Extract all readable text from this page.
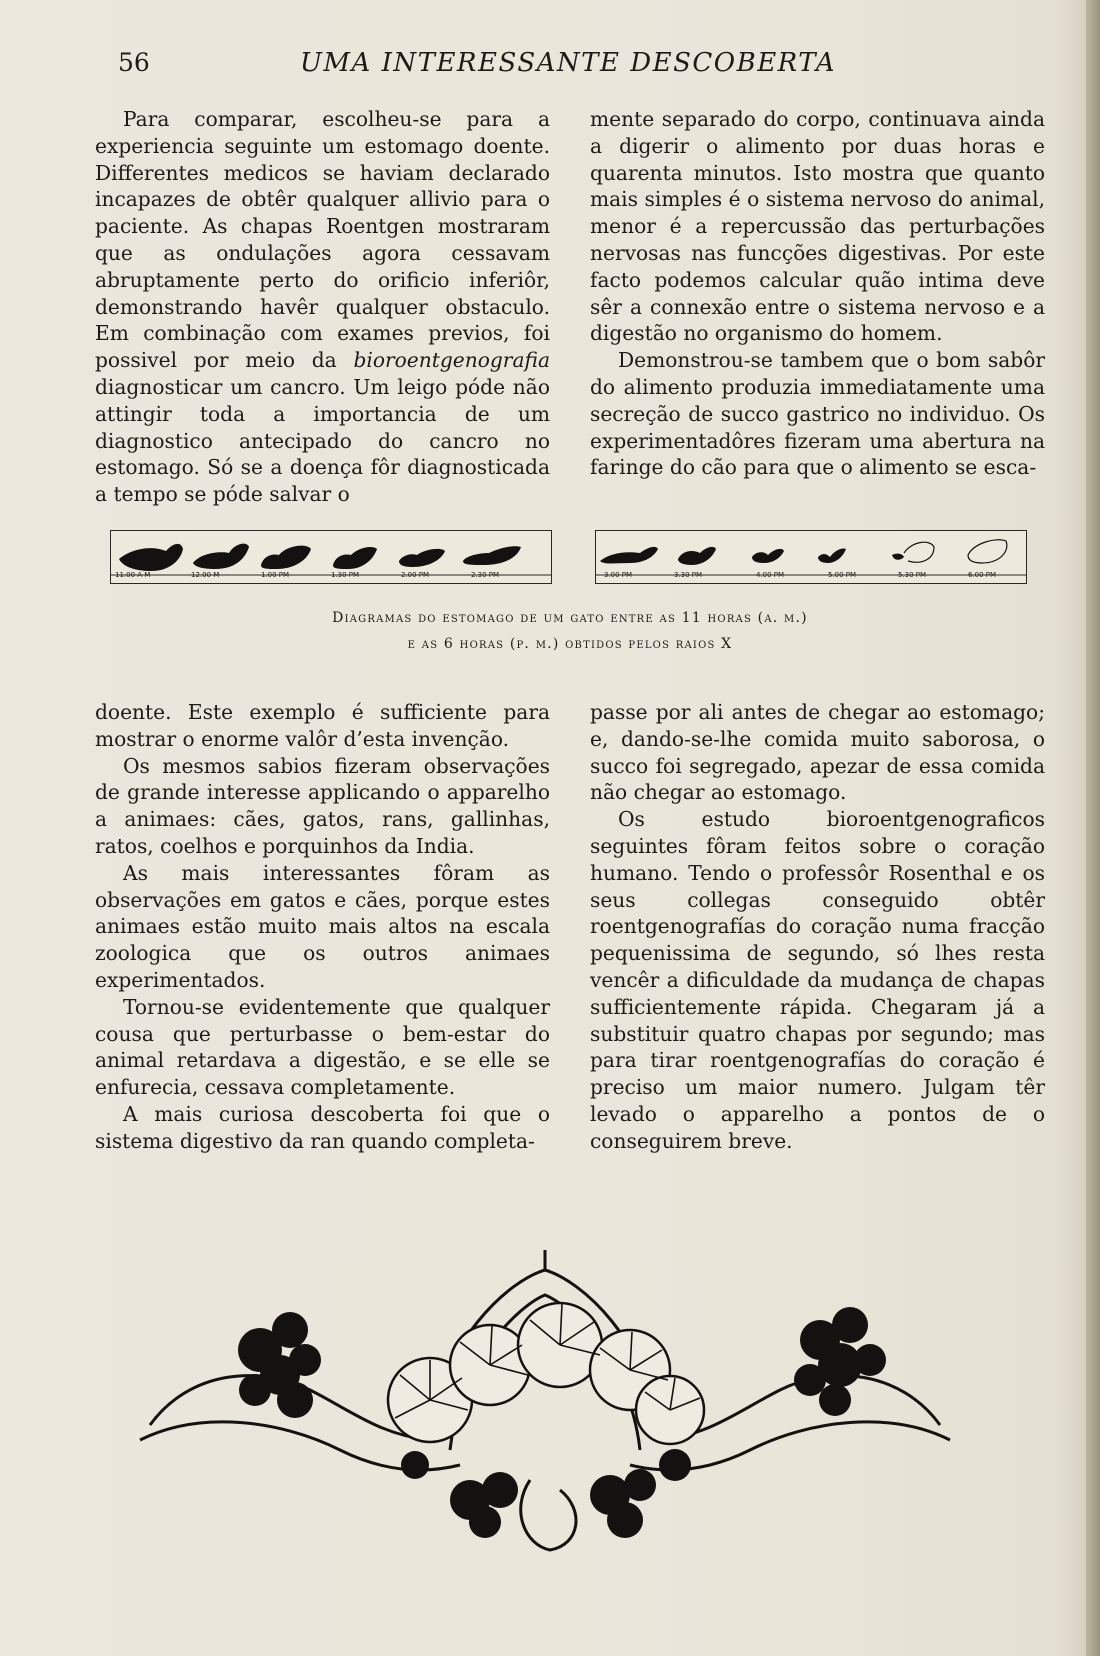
56	UMA INTERESSANTE DESCOBERTA

Para comparar, escolheu-se para a experiencia seguinte um estomago doente. Differentes medicos se haviam declarado incapazes de obtêr qualquer allivio para o paciente. As chapas Roentgen mostraram que as ondulações agora cessavam abruptamente perto do orificio inferiôr, demonstrando havêr qualquer obstaculo. Em combinação com exames previos, foi possivel por meio da bioroentgenografia diagnosticar um cancro. Um leigo póde não attingir toda a importancia de um diagnostico antecipado do cancro no estomago. Só se a doença fôr diagnosticada a tempo se póde salvar o

mente separado do corpo, continuava ainda a digerir o alimento por duas horas e quarenta minutos. Isto mostra que quanto mais simples é o sistema nervoso do animal, menor é a repercussão das perturbações nervosas nas funcções digestivas. Por este facto podemos calcular quão intima deve sêr a connexão entre o sistema nervoso e a digestão no organismo do homem.

Demonstrou-se tambem que o bom sabôr do alimento produzia immediatamente uma secreção de succo gastrico no individuo. Os experimentadôres fizeram uma abertura na faringe do cão para que o alimento se esca-

11.00 A M	12.00 M	1.00 PM	1.30 PM	2.00 PM	2.30 PM	3.00 PM	3.30 PM	4.00 PM	5.00 PM	5.30 PM	6.00 PM
Diagramas do estomago de um gato entre as 11 horas (a. m.)
e as 6 horas (p. m.) obtidos pelos raios X

doente. Este exemplo é sufficiente para mostrar o enorme valôr d’esta invenção.

Os mesmos sabios fizeram observações de grande interesse applicando o apparelho a animaes: cães, gatos, rans, gallinhas, ratos, coelhos e porquinhos da India.

As mais interessantes fôram as observações em gatos e cães, porque estes animaes estão muito mais altos na escala zoologica que os outros animaes experimentados.

Tornou-se evidentemente que qualquer cousa que perturbasse o bem-estar do animal retardava a digestão, e se elle se enfurecia, cessava completamente.

A mais curiosa descoberta foi que o sistema digestivo da ran quando completa-

passe por ali antes de chegar ao estomago; e, dando-se-lhe comida muito saborosa, o succo foi segregado, apezar de essa comida não chegar ao estomago.

Os estudo bioroentgenograficos seguintes fôram feitos sobre o coração humano. Tendo o professôr Rosenthal e os seus collegas conseguido obtêr roentgenografías do coração numa fracção pequenissima de segundo, só lhes resta vencêr a dificuldade da mudança de chapas sufficientemente rápida. Chegaram já a substituir quatro chapas por segundo; mas para tirar roentgenografías do coração é preciso um maior numero. Julgam têr levado o apparelho a pontos de o conseguirem breve.
